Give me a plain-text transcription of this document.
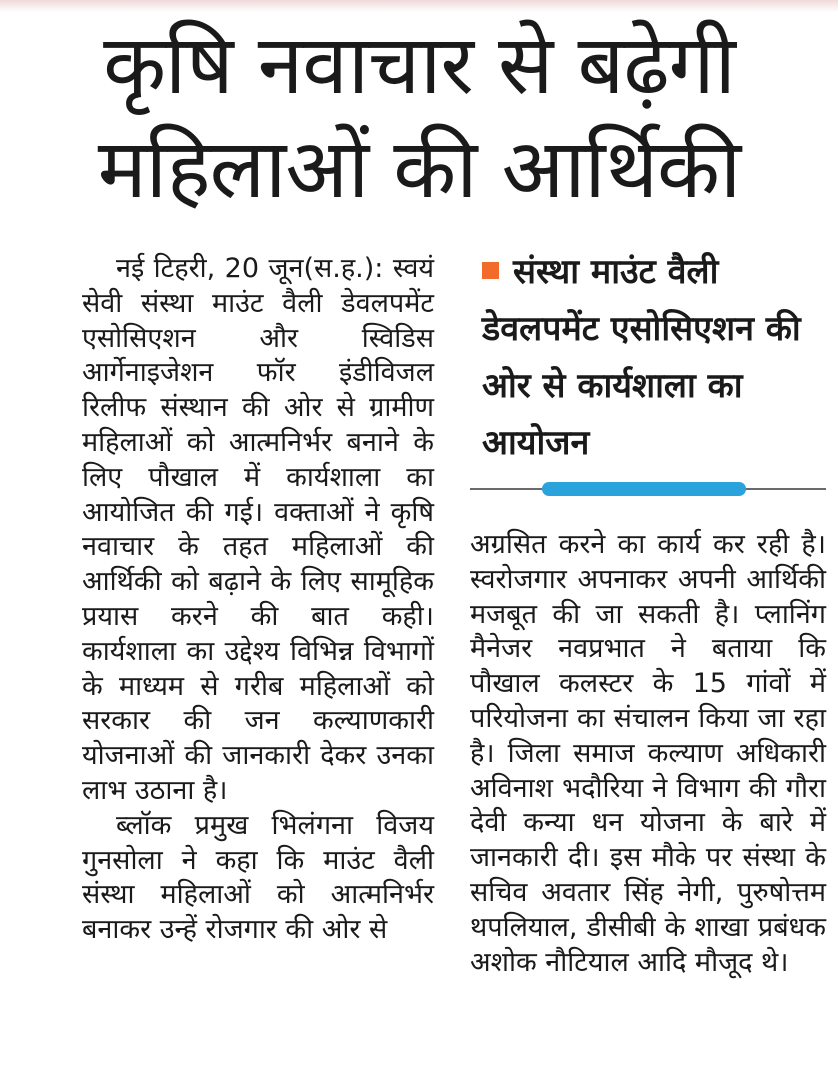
कृषि नवाचार से बढ़ेगी
महिलाओं की आर्थिकी

नई टिहरी, 20 जून(स.ह.): स्वयं सेवी संस्था माउंट वैली डेवलपमेंट एसोसिएशन और स्विडिस आर्गेनाइजेशन फॉर इंडीविजल रिलीफ संस्थान की ओर से ग्रामीण महिलाओं को आत्मनिर्भर बनाने के लिए पौखाल में कार्यशाला का आयोजित की गई। वक्ताओं ने कृषि नवाचार के तहत महिलाओं की आर्थिकी को बढ़ाने के लिए सामूहिक प्रयास करने की बात कही। कार्यशाला का उद्देश्य विभिन्न विभागों के माध्यम से गरीब महिलाओं को सरकार की जन कल्याणकारी योजनाओं की जानकारी देकर उनका लाभ उठाना है।

ब्लॉक प्रमुख भिलंगना विजय गुनसोला ने कहा कि माउंट वैली संस्था महिलाओं को आत्मनिर्भर बनाकर उन्हें रोजगार की ओर से

संस्था माउंट वैली डेवलपमेंट एसोसिएशन की ओर से कार्यशाला का आयोजन

अग्रसित करने का कार्य कर रही है। स्वरोजगार अपनाकर अपनी आर्थिकी मजबूत की जा सकती है। प्लानिंग मैनेजर नवप्रभात ने बताया कि पौखाल कलस्टर के 15 गांवों में परियोजना का संचालन किया जा रहा है। जिला समाज कल्याण अधिकारी अविनाश भदौरिया ने विभाग की गौरा देवी कन्या धन योजना के बारे में जानकारी दी। इस मौके पर संस्था के सचिव अवतार सिंह नेगी, पुरुषोत्तम थपलियाल, डीसीबी के शाखा प्रबंधक अशोक नौटियाल आदि मौजूद थे।
